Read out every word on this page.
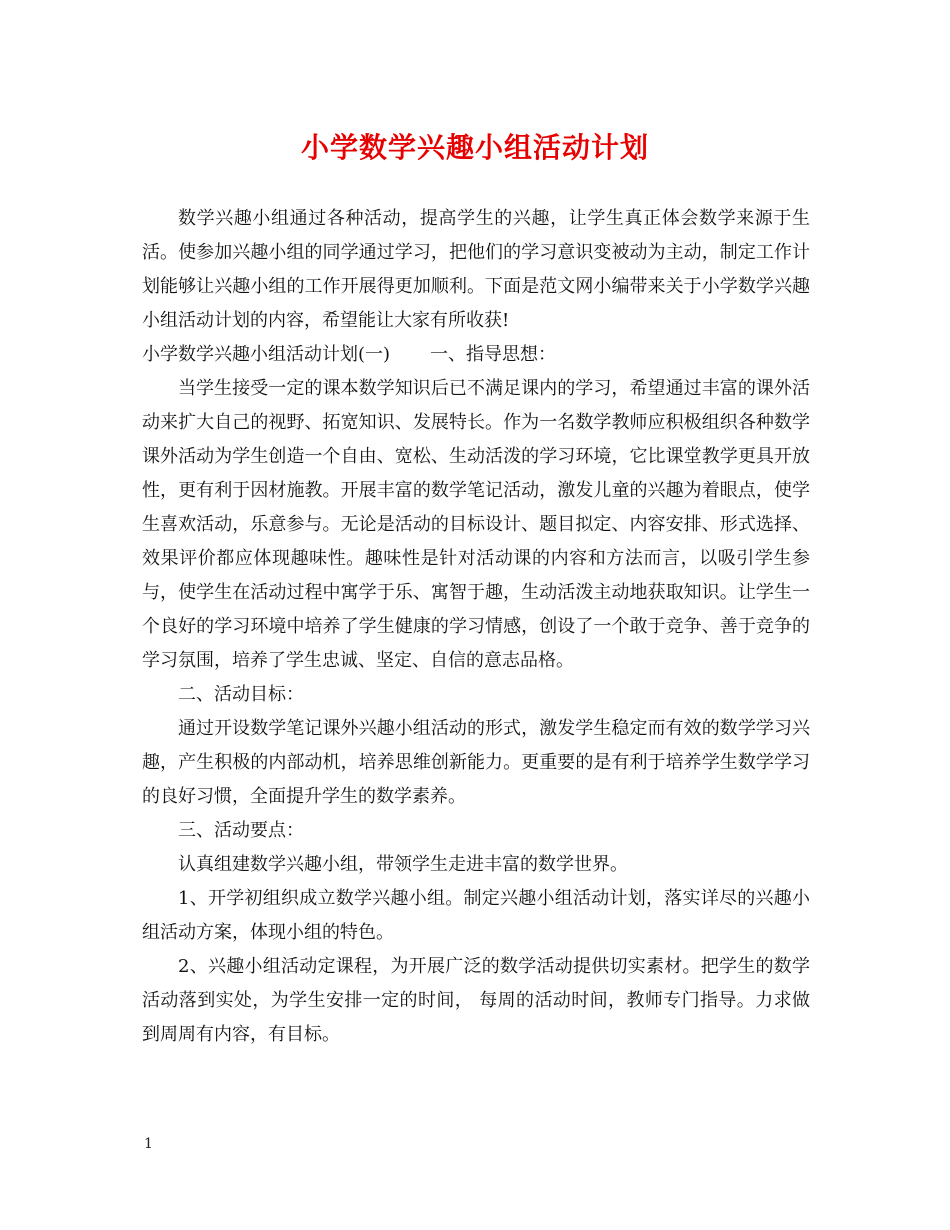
小学数学兴趣小组活动计划

数学兴趣小组通过各种活动，提高学生的兴趣，让学生真正体会数学来源于生活。使参加兴趣小组的同学通过学习，把他们的学习意识变被动为主动，制定工作计划能够让兴趣小组的工作开展得更加顺利。下面是范文网小编带来关于小学数学兴趣小组活动计划的内容，希望能让大家有所收获!

小学数学兴趣小组活动计划(一) 一、指导思想：

当学生接受一定的课本数学知识后已不满足课内的学习，希望通过丰富的课外活动来扩大自己的视野、拓宽知识、发展特长。作为一名数学教师应积极组织各种数学课外活动为学生创造一个自由、宽松、生动活泼的学习环境，它比课堂教学更具开放性，更有利于因材施教。开展丰富的数学笔记活动，激发儿童的兴趣为着眼点，使学生喜欢活动，乐意参与。无论是活动的目标设计、题目拟定、内容安排、形式选择、效果评价都应体现趣味性。趣味性是针对活动课的内容和方法而言，以吸引学生参与，使学生在活动过程中寓学于乐、寓智于趣，生动活泼主动地获取知识。让学生一个良好的学习环境中培养了学生健康的学习情感，创设了一个敢于竞争、善于竞争的学习氛围，培养了学生忠诚、坚定、自信的意志品格。

二、活动目标：

通过开设数学笔记课外兴趣小组活动的形式，激发学生稳定而有效的数学学习兴趣，产生积极的内部动机，培养思维创新能力。更重要的是有利于培养学生数学学习的良好习惯，全面提升学生的数学素养。

三、活动要点：

认真组建数学兴趣小组，带领学生走进丰富的数学世界。

1、开学初组织成立数学兴趣小组。制定兴趣小组活动计划，落实详尽的兴趣小组活动方案，体现小组的特色。

2、兴趣小组活动定课程，为开展广泛的数学活动提供切实素材。把学生的数学活动落到实处，为学生安排一定的时间， 每周的活动时间，教师专门指导。力求做到周周有内容，有目标。

1
